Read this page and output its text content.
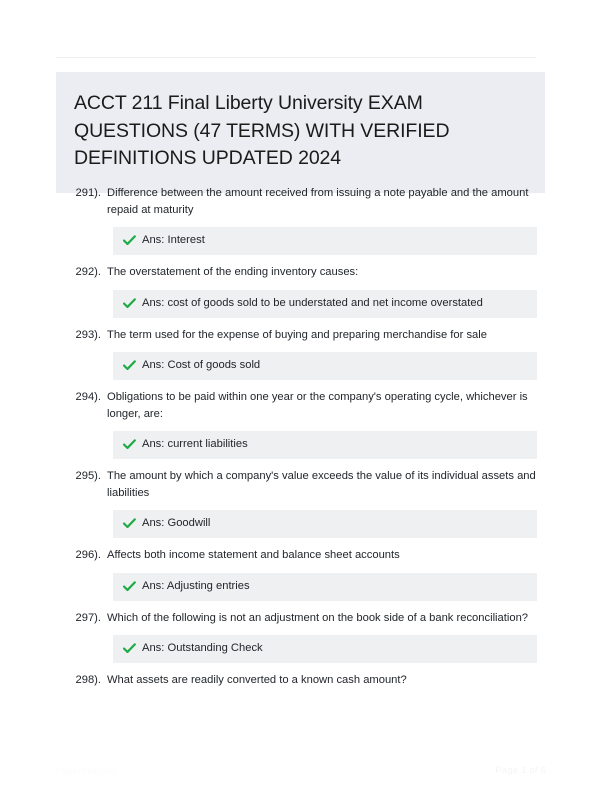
ACCT 211 Final Liberty University EXAM QUESTIONS (47 TERMS) WITH VERIFIED DEFINITIONS UPDATED 2024
291). Difference between the amount received from issuing a note payable and the amount repaid at maturity
Ans: Interest
292). The overstatement of the ending inventory causes:
Ans: cost of goods sold to be understated and net income overstated
293). The term used for the expense of buying and preparing merchandise for sale
Ans: Cost of goods sold
294). Obligations to be paid within one year or the company's operating cycle, whichever is longer, are:
Ans: current liabilities
295). The amount by which a company's value exceeds the value of its individual assets and liabilities
Ans: Goodwill
296). Affects both income statement and balance sheet accounts
Ans: Adjusting entries
297). Which of the following is not an adjustment on the book side of a bank reconciliation?
Ans: Outstanding Check
298). What assets are readily converted to a known cash amount?
PaperStic.com	Page 1 of 6
